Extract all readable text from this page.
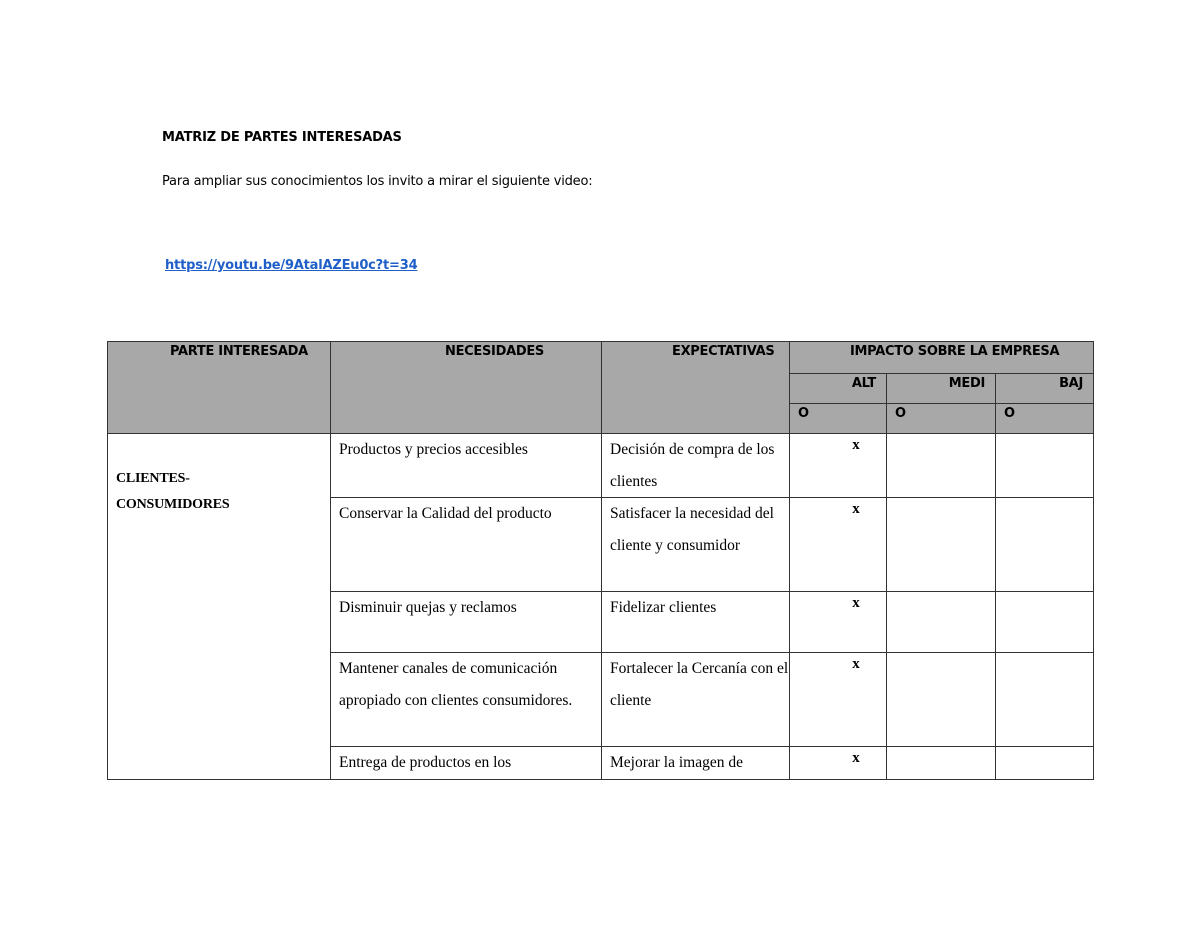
MATRIZ DE PARTES INTERESADAS
Para ampliar sus conocimientos los invito a mirar el siguiente video:
https://youtu.be/9AtalAZEu0c?t=34
PARTE INTERESADA	NECESIDADES	EXPECTATIVAS	IMPACTO SOBRE LA EMPRESA		
			ALT	MEDI	BAJ
			O	O	O

CLIENTES-
CONSUMIDORES	Productos y precios accesibles	Decisión de compra de los clientes	x		
	Conservar la Calidad del producto	Satisfacer la necesidad del cliente y consumidor	x		
	Disminuir quejas y reclamos	Fidelizar clientes	x		
	Mantener canales de comunicación apropiado con clientes consumidores.	Fortalecer la Cercanía con el cliente	x		
	Entrega de productos en los	Mejorar la imagen de	x		
